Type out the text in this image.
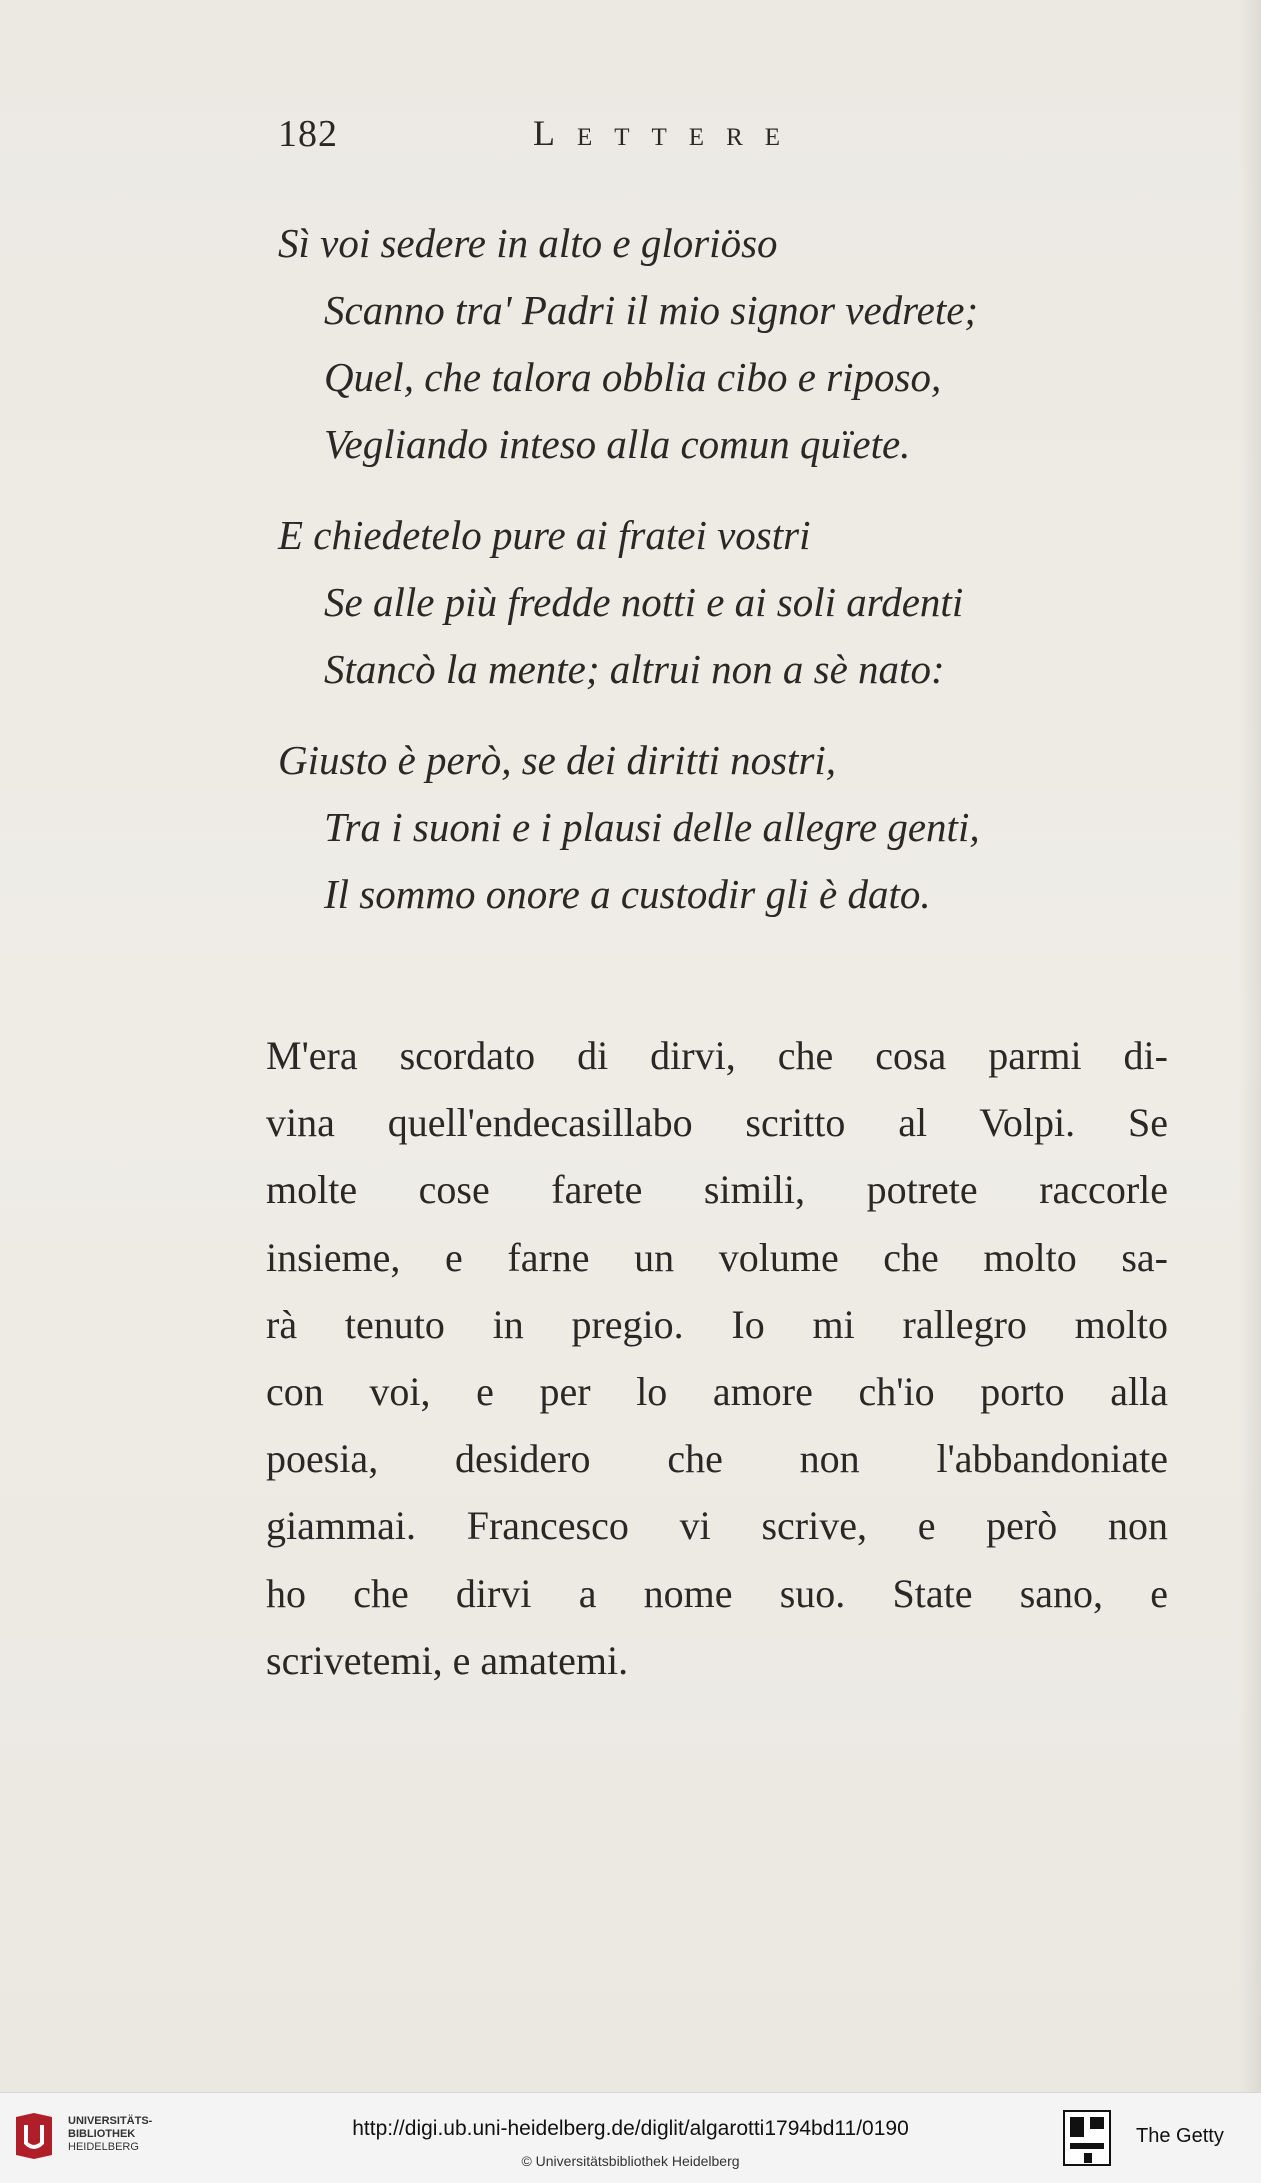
182	Lettere
Sì voi sedere in alto e gloriöso
Scanno tra' Padri il mio signor vedrete;
Quel, che talora obblia cibo e riposo,
Vegliando inteso alla comun quïete.
E chiedetelo pure ai fratei vostri
Se alle più fredde notti e ai soli ardenti
Stancò la mente; altrui non a sè nato:
Giusto è però, se dei diritti nostri,
Tra i suoni e i plausi delle allegre genti,
Il sommo onore a custodir gli è dato.
M'era scordato di dirvi, che cosa parmi di-
vina quell'endecasillabo scritto al Volpi. Se
molte cose farete simili, potrete raccorle
insieme, e farne un volume che molto sa-
rà tenuto in pregio. Io mi rallegro molto
con voi, e per lo amore ch'io porto alla
poesia, desidero che non l'abbandoniate
giammai. Francesco vi scrive, e però non
ho che dirvi a nome suo. State sano, e
scrivetemi, e amatemi.
UNIVERSITÄTS-
BIBLIOTHEK
HEIDELBERG
http://digi.ub.uni-heidelberg.de/diglit/algarotti1794bd11/0190
© Universitätsbibliothek Heidelberg
The Getty
